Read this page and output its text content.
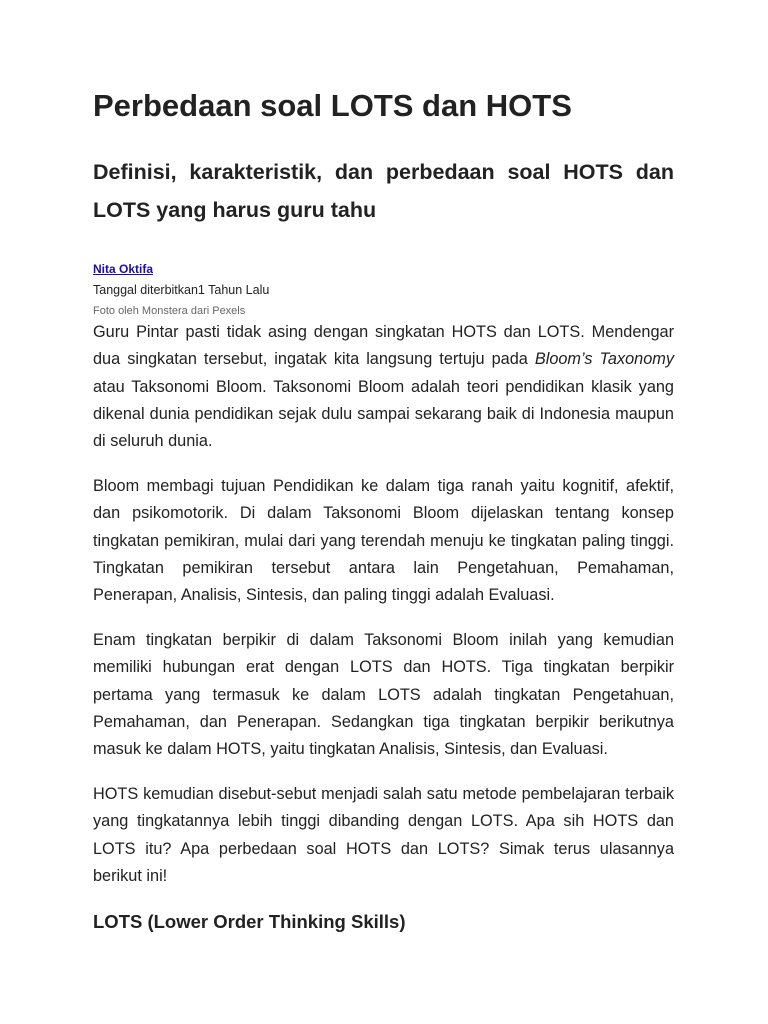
Perbedaan soal LOTS dan HOTS
Definisi, karakteristik, dan perbedaan soal HOTS dan LOTS yang harus guru tahu
Nita Oktifa
Tanggal diterbitkan1 Tahun Lalu
Foto oleh Monstera dari Pexels

Guru Pintar pasti tidak asing dengan singkatan HOTS dan LOTS. Mendengar dua singkatan tersebut, ingatak kita langsung tertuju pada Bloom’s Taxonomy atau Taksonomi Bloom. Taksonomi Bloom adalah teori pendidikan klasik yang dikenal dunia pendidikan sejak dulu sampai sekarang baik di Indonesia maupun di seluruh dunia.

Bloom membagi tujuan Pendidikan ke dalam tiga ranah yaitu kognitif, afektif, dan psikomotorik. Di dalam Taksonomi Bloom dijelaskan tentang konsep tingkatan pemikiran, mulai dari yang terendah menuju ke tingkatan paling tinggi. Tingkatan pemikiran tersebut antara lain Pengetahuan, Pemahaman, Penerapan, Analisis, Sintesis, dan paling tinggi adalah Evaluasi.

Enam tingkatan berpikir di dalam Taksonomi Bloom inilah yang kemudian memiliki hubungan erat dengan LOTS dan HOTS. Tiga tingkatan berpikir pertama yang termasuk ke dalam LOTS adalah tingkatan Pengetahuan, Pemahaman, dan Penerapan. Sedangkan tiga tingkatan berpikir berikutnya masuk ke dalam HOTS, yaitu tingkatan Analisis, Sintesis, dan Evaluasi.

HOTS kemudian disebut-sebut menjadi salah satu metode pembelajaran terbaik yang tingkatannya lebih tinggi dibanding dengan LOTS. Apa sih HOTS dan LOTS itu? Apa perbedaan soal HOTS dan LOTS? Simak terus ulasannya berikut ini!

LOTS (Lower Order Thinking Skills)
